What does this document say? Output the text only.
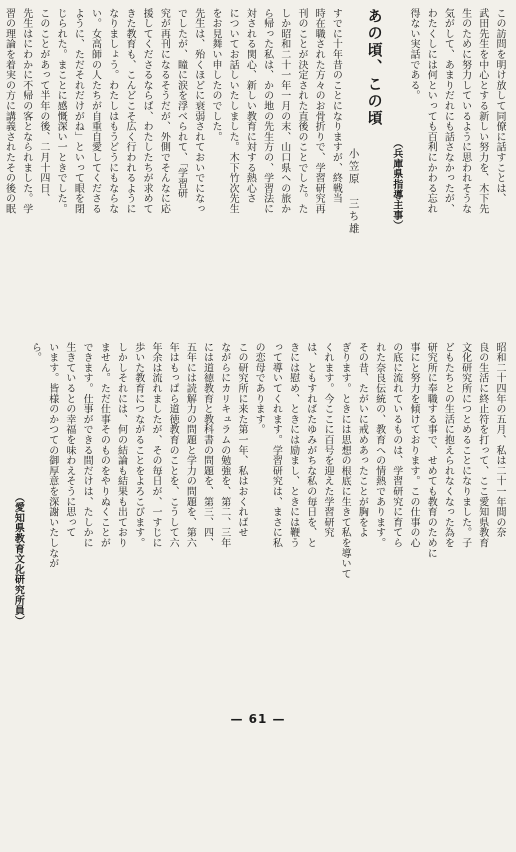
この訪問を明け放して同僚に話すことは、
武田先生を中心とする新しい努力を、木下先
生のために努力しているように思われそうな
気がして、あまりだれにも話さなかったが、
わたくしには何といっても百利にかわる忘れ
得ない実話である。
（兵庫県指導主事）
あの頃、この頃
小笠原　三ち雄
すでに十年昔のことになりますが、終戦当
時在職された方々のお骨折りで、学習研究再
刊のことが決定された直後のことでした。た
しか昭和二十一年一月の末、山口県への旅か
ら帰った私は、かの地の先生方の、学習法に
対される関心、新しい教育に対する熱心さ
についてお話しいたしました。木下竹次先生
をお見舞い申したのでした。
先生は、殆くほどに衰弱されておいでになっ
でしたが、瞳に涙を浮べられて、「学習研
究が再刊になるそうだが、外側でそんなに応
援してくださるならば、わたしたちが求めて
きた教育も、こんどこそ広く行われるように
なりましょう。わたしはもうどうにもならな
い。女高師の人たちが自重自愛してくださる
ように、ただそれだけがね」といって眼を閉
じられた。まことに感慨深い一ときでした。
このことがあって半年の後、二月十四日、
先生はにわかに不帰の客となられました。学
習の理論を着実の方に講義されたその後の眠
昭和二十四年の五月、私は二十一年間の奈
良の生活に終止符を打って、ここ愛知県教育
文化研究所につとめることになりました。子
どもたちとの生活に抱えられなくなった為を
研究所に奉職する事で、せめても教育のために
事にと努力を傾けております。この仕事の心
の底に流れているものは、学習研究に育てら
れた奈良伝統の、教育への情熱であります。
その昔、たがいに戒めあったことが胸をよ
ぎります。ときには思想の根底に生きて私を導いて
くれます。今ここに百号を迎えた学習研究
は、ともすればたゆみがちな私の毎日を、と
きには慰め、ときには励まし、ときには鞭う
って導いてくれます。学習研究は、まさに私
の恋母であります。
この研究所に来た第一年、私はおくればせ
ながらにカリキュラムの勉強を、第二、三年
には道徳教育と教科書の問題を、第三、四、
五年には読解力の問題と学力の問題を、第六
年はもっぱら道徳教育のことを、こうして六
年余は流れましたが、その毎日が、一すじに
歩いた教育につながることをよろこびます。
しかしそれには、何の結論も結果も出ており
ません。ただ仕事そのものをやりぬくことが
できます。仕事ができる間だけは、たしかに
生きているとの幸福を味わえそうに思って
います。皆様のかつての御厚意を深謝いたしなが
ら。
（愛知県教育文化研究所員）
— 61 —
